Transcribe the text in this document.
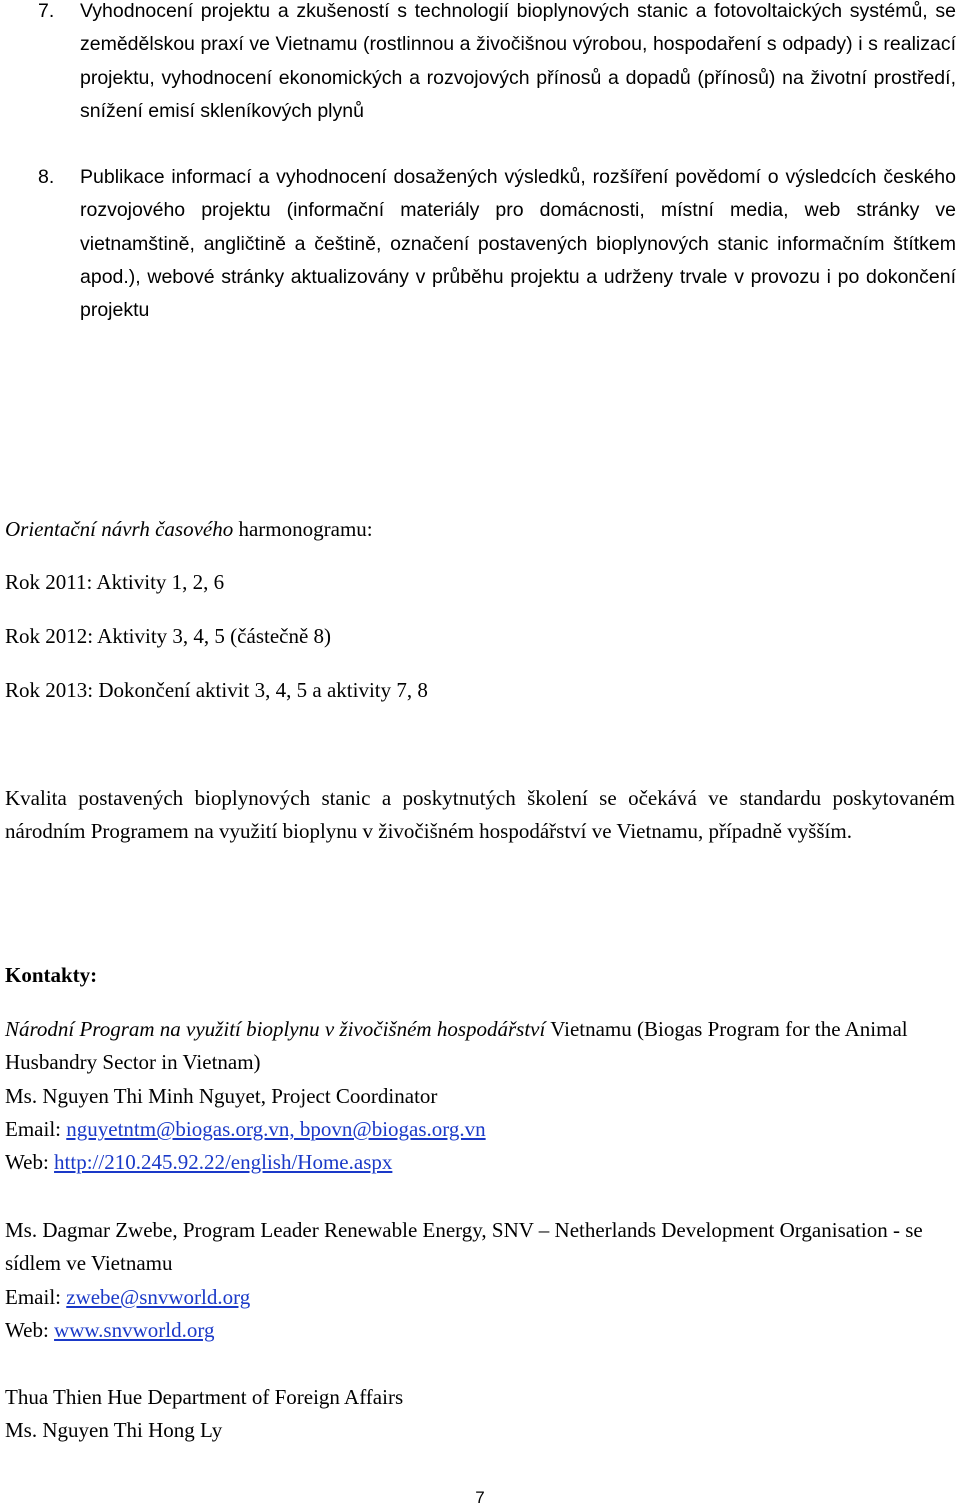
7. Vyhodnocení projektu a zkušeností s technologií bioplynových stanic a fotovoltaických systémů, se zemědělskou praxí ve Vietnamu (rostlinnou a živočišnou výrobou, hospodaření s odpady) i s realizací projektu, vyhodnocení ekonomických a rozvojových přínosů a dopadů (přínosů) na životní prostředí, snížení emisí skleníkových plynů

8. Publikace informací a vyhodnocení dosažených výsledků, rozšíření povědomí o výsledcích českého rozvojového projektu (informační materiály pro domácnosti, místní media, web stránky ve vietnamštině, angličtině a češtině, označení postavených bioplynových stanic informačním štítkem apod.), webové stránky aktualizovány v průběhu projektu a udrženy trvale v provozu i po dokončení projektu

Orientační návrh časového harmonogramu:

Rok 2011: Aktivity 1, 2, 6

Rok 2012: Aktivity 3, 4, 5 (částečně 8)

Rok 2013: Dokončení aktivit 3, 4, 5 a aktivity 7, 8

Kvalita postavených bioplynových stanic a poskytnutých školení se očekává ve standardu poskytovaném národním Programem na využití bioplynu v živočišném hospodářství ve Vietnamu, případně vyšším.

Kontakty:

Národní Program na využití bioplynu v živočišném hospodářství Vietnamu (Biogas Program for the Animal Husbandry Sector in Vietnam)

Ms. Nguyen Thi Minh Nguyet, Project Coordinator

Email: nguyetntm@biogas.org.vn, bpovn@biogas.org.vn

Web: http://210.245.92.22/english/Home.aspx

Ms. Dagmar Zwebe, Program Leader Renewable Energy, SNV – Netherlands Development Organisation - se sídlem ve Vietnamu

Email: zwebe@snvworld.org

Web: www.snvworld.org

Thua Thien Hue Department of Foreign Affairs

Ms. Nguyen Thi Hong Ly

7
